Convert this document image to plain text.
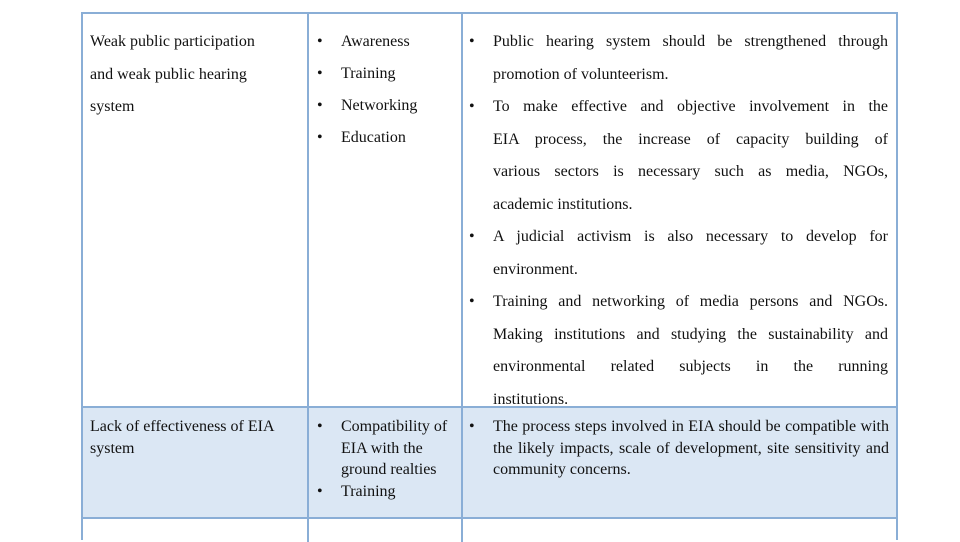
Weak public participation
and weak public hearing
system
• Awareness
• Training
• Networking
• Education
• Public hearing system should be strengthened through
promotion of volunteerism.
• To make effective and objective involvement in the
EIA process, the increase of capacity building of
various sectors is necessary such as media, NGOs,
academic institutions.
• A judicial activism is also necessary to develop for
environment.
• Training and networking of media persons and NGOs.
Making institutions and studying the sustainability and
environmental related subjects in the running
institutions.
Lack of effectiveness of EIA system
• Compatibility of EIA with the ground realties
• Training
• The process steps involved in EIA should be compatible with the likely impacts, scale of development, site sensitivity and community concerns.
